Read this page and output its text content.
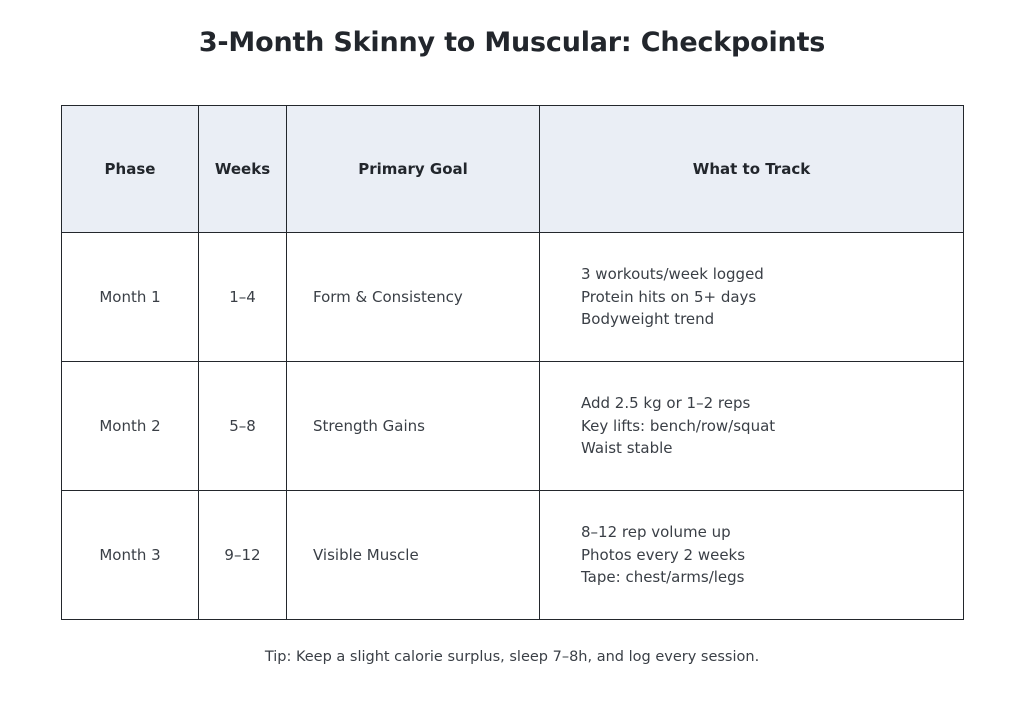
3-Month Skinny to Muscular: Checkpoints
Phase	Weeks	Primary Goal	What to Track
Month 1	1–4	Form & Consistency	3 workouts/week logged
Protein hits on 5+ days
Bodyweight trend

Month 2	5–8	Strength Gains	Add 2.5 kg or 1–2 reps
Key lifts: bench/row/squat
Waist stable

Month 3	9–12	Visible Muscle	8–12 rep volume up
Photos every 2 weeks
Tape: chest/arms/legs
Tip: Keep a slight calorie surplus, sleep 7–8h, and log every session.
